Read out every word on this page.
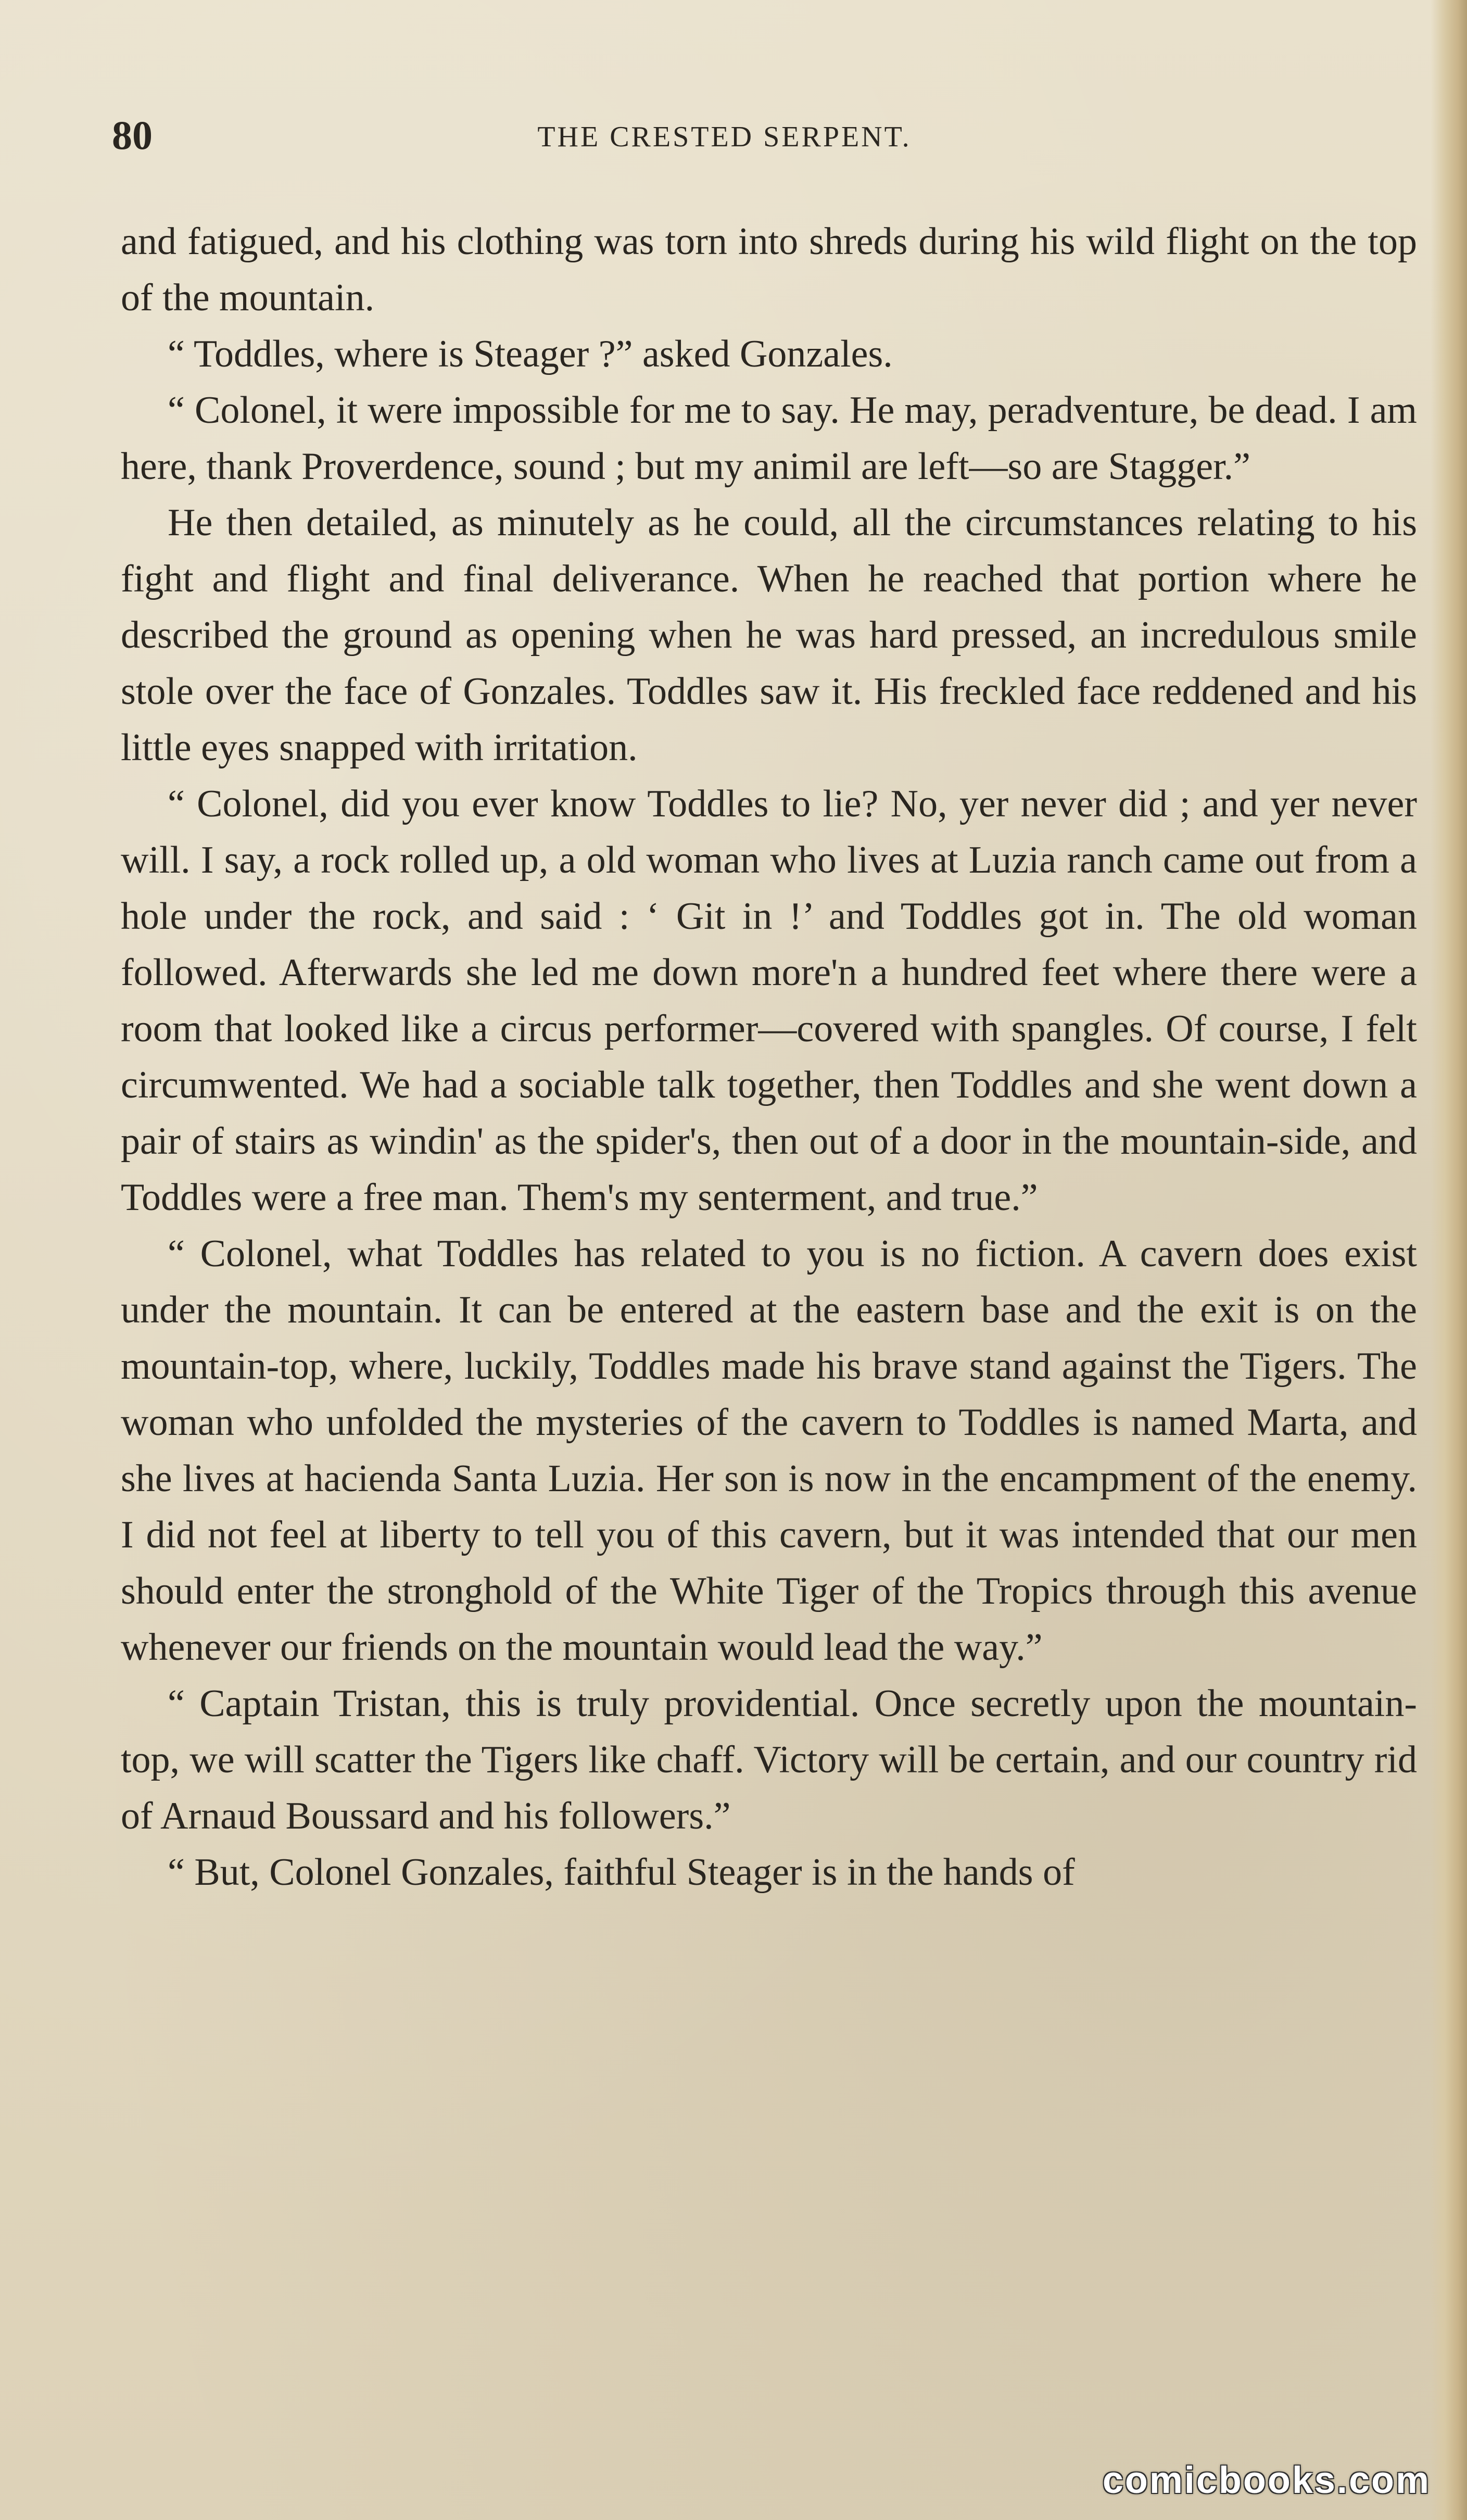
80	THE CRESTED SERPENT.

and fatigued, and his clothing was torn into shreds during his wild flight on the top of the mountain.

“ Toddles, where is Steager ?” asked Gonzales.

“ Colonel, it were impossible for me to say. He may, peradventure, be dead. I am here, thank Proverdence, sound ; but my animil are left—so are Stagger.”

He then detailed, as minutely as he could, all the circumstances relating to his fight and flight and final deliverance. When he reached that portion where he described the ground as opening when he was hard pressed, an incredulous smile stole over the face of Gonzales. Toddles saw it. His freckled face reddened and his little eyes snapped with irritation.

“ Colonel, did you ever know Toddles to lie? No, yer never did ; and yer never will. I say, a rock rolled up, a old woman who lives at Luzia ranch came out from a hole under the rock, and said : ‘ Git in !’ and Toddles got in. The old woman followed. Afterwards she led me down more'n a hundred feet where there were a room that looked like a circus performer—covered with spangles. Of course, I felt circumwented. We had a sociable talk together, then Toddles and she went down a pair of stairs as windin' as the spider's, then out of a door in the mountain-side, and Toddles were a free man. Them's my senterment, and true.”

“ Colonel, what Toddles has related to you is no fiction. A cavern does exist under the mountain. It can be entered at the eastern base and the exit is on the mountain-top, where, luckily, Toddles made his brave stand against the Tigers. The woman who unfolded the mysteries of the cavern to Toddles is named Marta, and she lives at hacienda Santa Luzia. Her son is now in the encampment of the enemy. I did not feel at liberty to tell you of this cavern, but it was intended that our men should enter the stronghold of the White Tiger of the Tropics through this avenue whenever our friends on the mountain would lead the way.”

“ Captain Tristan, this is truly providential. Once secretly upon the mountain-top, we will scatter the Tigers like chaff. Victory will be certain, and our country rid of Arnaud Boussard and his followers.”

“ But, Colonel Gonzales, faithful Steager is in the hands of

comicbooks.com
